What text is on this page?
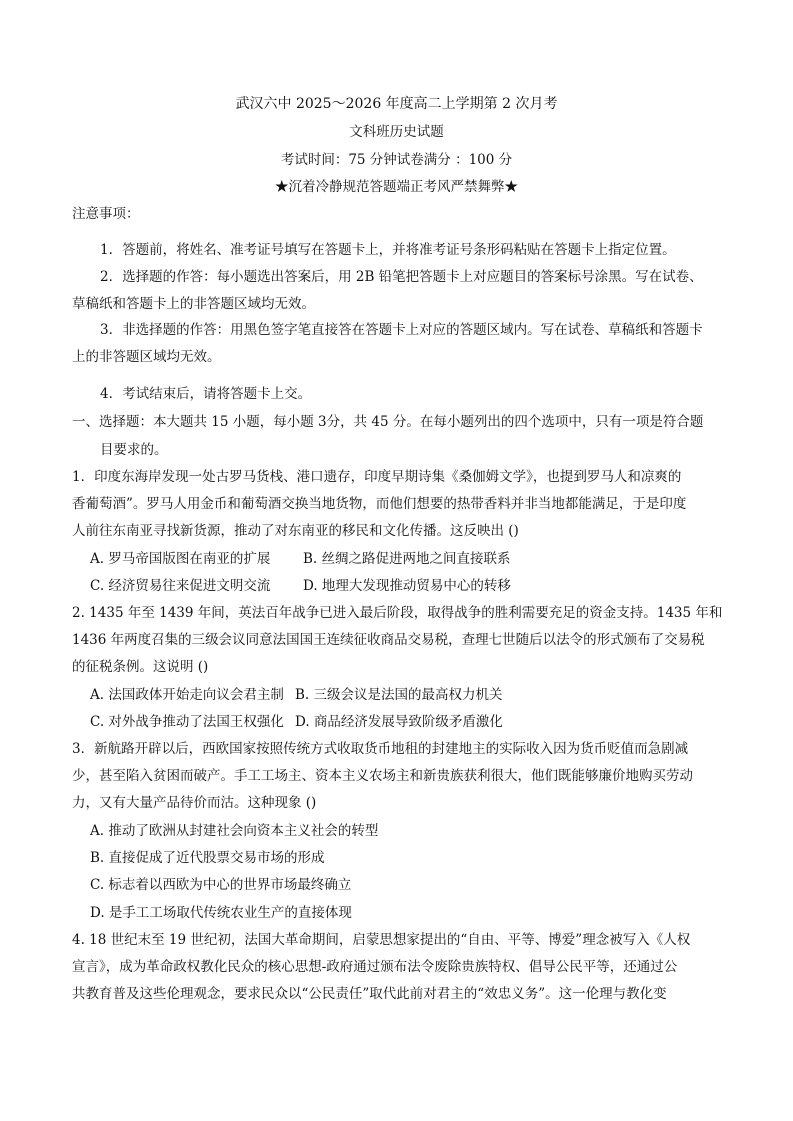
武汉六中 2025～2026 年度高二上学期第 2 次月考
文科班历史试题
考试时间：75 分钟试卷满分 ：100 分
★沉着冷静规范答题端正考风严禁舞弊★
注意事项：
1．答题前，将姓名、准考证号填写在答题卡上，并将准考证号条形码粘贴在答题卡上指定位置。
2．选择题的作答：每小题选出答案后，用 2B 铅笔把答题卡上对应题目的答案标号涂黑。写在试卷、
草稿纸和答题卡上的非答题区域均无效。
3．非选择题的作答：用黑色签字笔直接答在答题卡上对应的答题区域内。写在试卷、草稿纸和答题卡
上的非答题区域均无效。
4．考试结束后，请将答题卡上交。
一、选择题：本大题共 15 小题，每小题 3分，共 45 分。在每小题列出的四个选项中，只有一项是符合题
目要求的。
1．印度东海岸发现一处古罗马货栈、港口遗存，印度早期诗集《桑伽姆文学》，也提到罗马人和凉爽的
香葡萄酒”。罗马人用金币和葡萄酒交换当地货物，而他们想要的热带香料并非当地都能满足，于是印度
人前往东南亚寻找新货源，推动了对东南亚的移民和文化传播。这反映出 ()
A. 罗马帝国版图在南亚的扩展 B. 丝绸之路促进两地之间直接联系
C. 经济贸易往来促进文明交流 D. 地理大发现推动贸易中心的转移
2. 1435 年至 1439 年间，英法百年战争已进入最后阶段，取得战争的胜利需要充足的资金支持。1435 年和
1436 年两度召集的三级会议同意法国国王连续征收商品交易税，查理七世随后以法令的形式颁布了交易税
的征税条例。这说明 ()
A. 法国政体开始走向议会君主制 B. 三级会议是法国的最高权力机关
C. 对外战争推动了法国王权强化 D. 商品经济发展导致阶级矛盾激化
3．新航路开辟以后，西欧国家按照传统方式收取货币地租的封建地主的实际收入因为货币贬值而急剧减
少，甚至陷入贫困而破产。手工工场主、资本主义农场主和新贵族获利很大，他们既能够廉价地购买劳动
力，又有大量产品待价而沽。这种现象 ()
A. 推动了欧洲从封建社会向资本主义社会的转型
B. 直接促成了近代股票交易市场的形成
C. 标志着以西欧为中心的世界市场最终确立
D. 是手工工场取代传统农业生产的直接体现
4. 18 世纪末至 19 世纪初，法国大革命期间，启蒙思想家提出的“自由、平等、博爱”理念被写入《人权
宣言》，成为革命政权教化民众的核心思想-政府通过颁布法令废除贵族特权、倡导公民平等，还通过公
共教育普及这些伦理观念，要求民众以“公民责任”取代此前对君主的“效忠义务”。这一伦理与教化变
